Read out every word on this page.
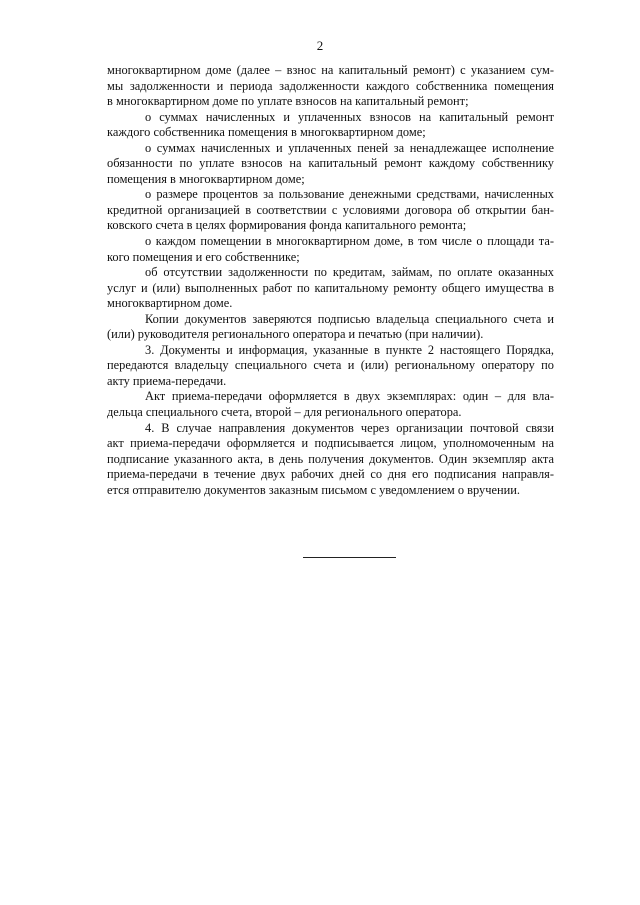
2

многоквартирном доме (далее – взнос на капитальный ремонт) с указанием сум-
мы задолженности и периода задолженности каждого собственника помещения
в многоквартирном доме по уплате взносов на капитальный ремонт;

о суммах начисленных и уплаченных взносов на капитальный ремонт
каждого собственника помещения в многоквартирном доме;

о суммах начисленных и уплаченных пеней за ненадлежащее исполнение
обязанности по уплате взносов на капитальный ремонт каждому собственнику
помещения в многоквартирном доме;

о размере процентов за пользование денежными средствами, начисленных
кредитной организацией в соответствии с условиями договора об открытии бан-
ковского счета в целях формирования фонда капитального ремонта;

о каждом помещении в многоквартирном доме, в том числе о площади та-
кого помещения и его собственнике;

об отсутствии задолженности по кредитам, займам, по оплате оказанных
услуг и (или) выполненных работ по капитальному ремонту общего имущества в
многоквартирном доме.

Копии документов заверяются подписью владельца специального счета и
(или) руководителя регионального оператора и печатью (при наличии).

3. Документы и информация, указанные в пункте 2 настоящего Порядка,
передаются владельцу специального счета и (или) региональному оператору по
акту приема-передачи.

Акт приема-передачи оформляется в двух экземплярах: один – для вла-
дельца специального счета, второй – для регионального оператора.

4. В случае направления документов через организации почтовой связи
акт приема-передачи оформляется и подписывается лицом, уполномоченным на
подписание указанного акта, в день получения документов. Один экземпляр акта
приема-передачи в течение двух рабочих дней со дня его подписания направля-
ется отправителю документов заказным письмом с уведомлением о вручении.
